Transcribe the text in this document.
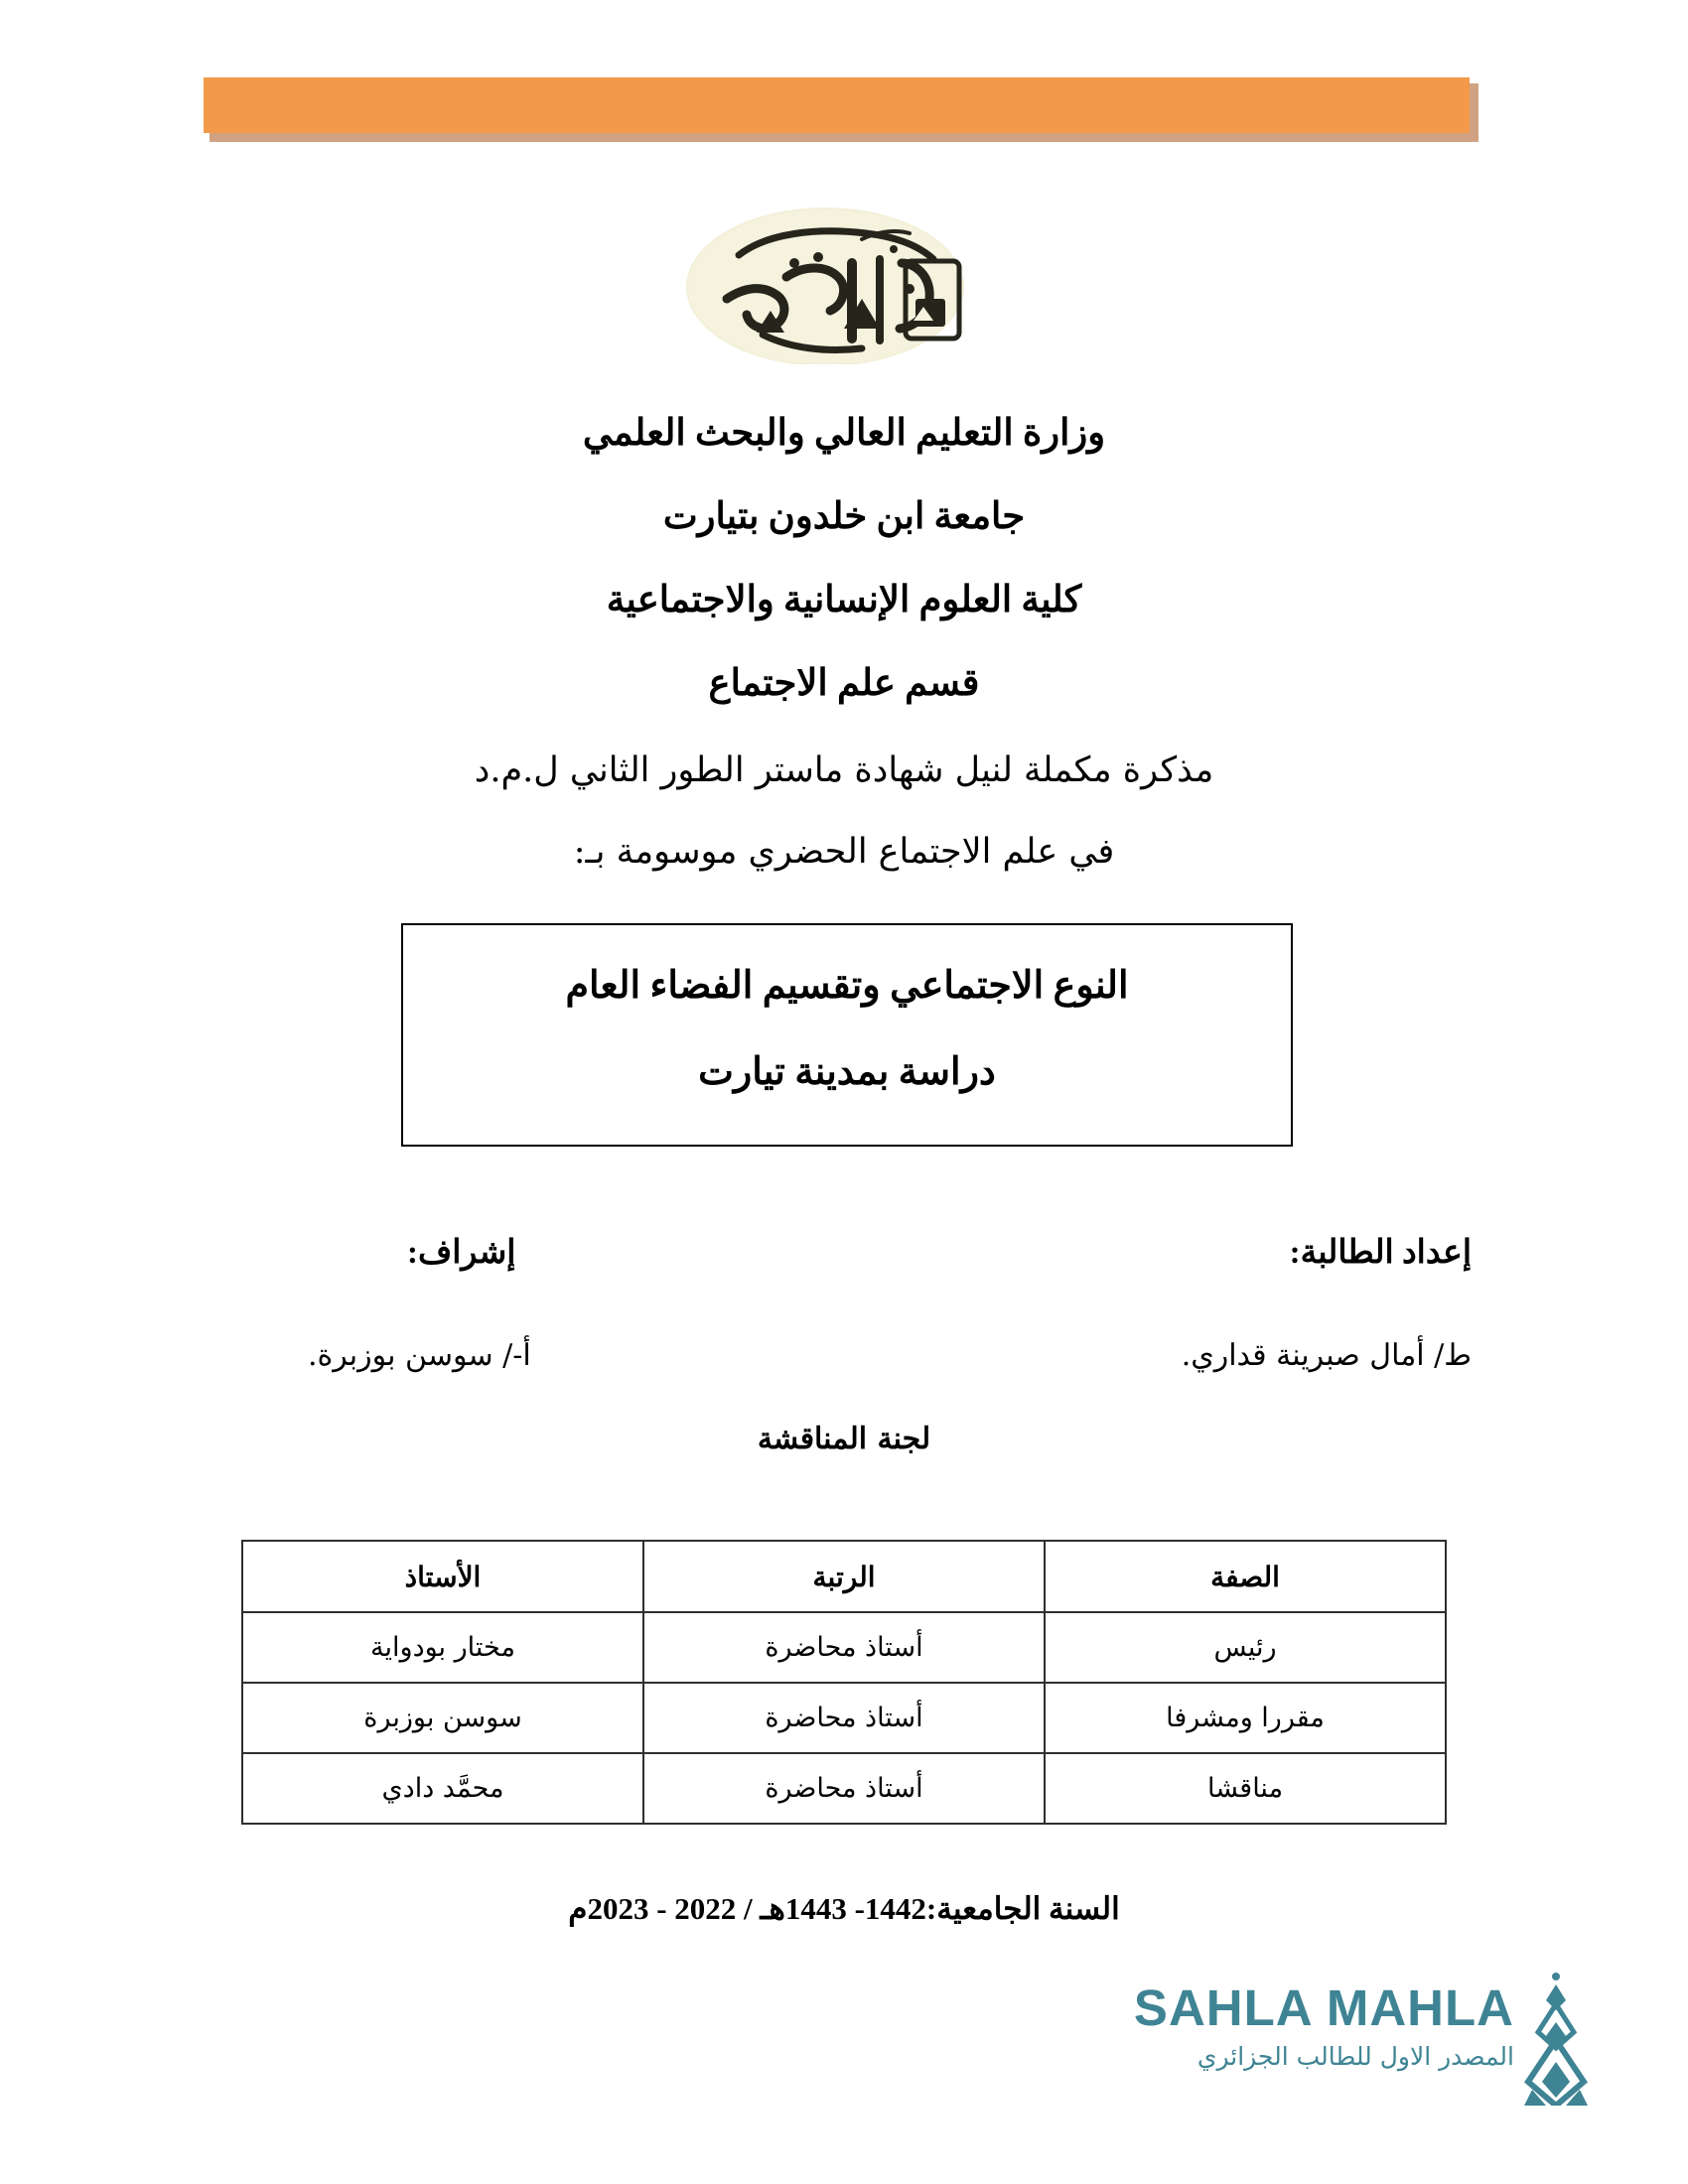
وزارة التعليم العالي والبحث العلمي
جامعة ابن خلدون بتيارت
كلية العلوم الإنسانية والاجتماعية
قسم علم الاجتماع
مذكرة مكملة لنيل شهادة ماستر الطور الثاني ل.م.د
في علم الاجتماع الحضري موسومة بـ:
النوع الاجتماعي وتقسيم الفضاء العام
دراسة بمدينة تيارت
إعداد الطالبة:
ط/ أمال صبرينة قداري.
إشراف:
أ-/ سوسن بوزبرة.
لجنة المناقشة
الصفة	الرتبة	الأستاذ
رئيس	أستاذ محاضرة	مختار بودواية
مقررا ومشرفا	أستاذ محاضرة	سوسن بوزبرة
مناقشا	أستاذ محاضرة	محمَّد دادي
السنة الجامعية:1442- 1443هـ / 2022 - 2023م
SAHLA MAHLA
المصدر الاول للطالب الجزائري
